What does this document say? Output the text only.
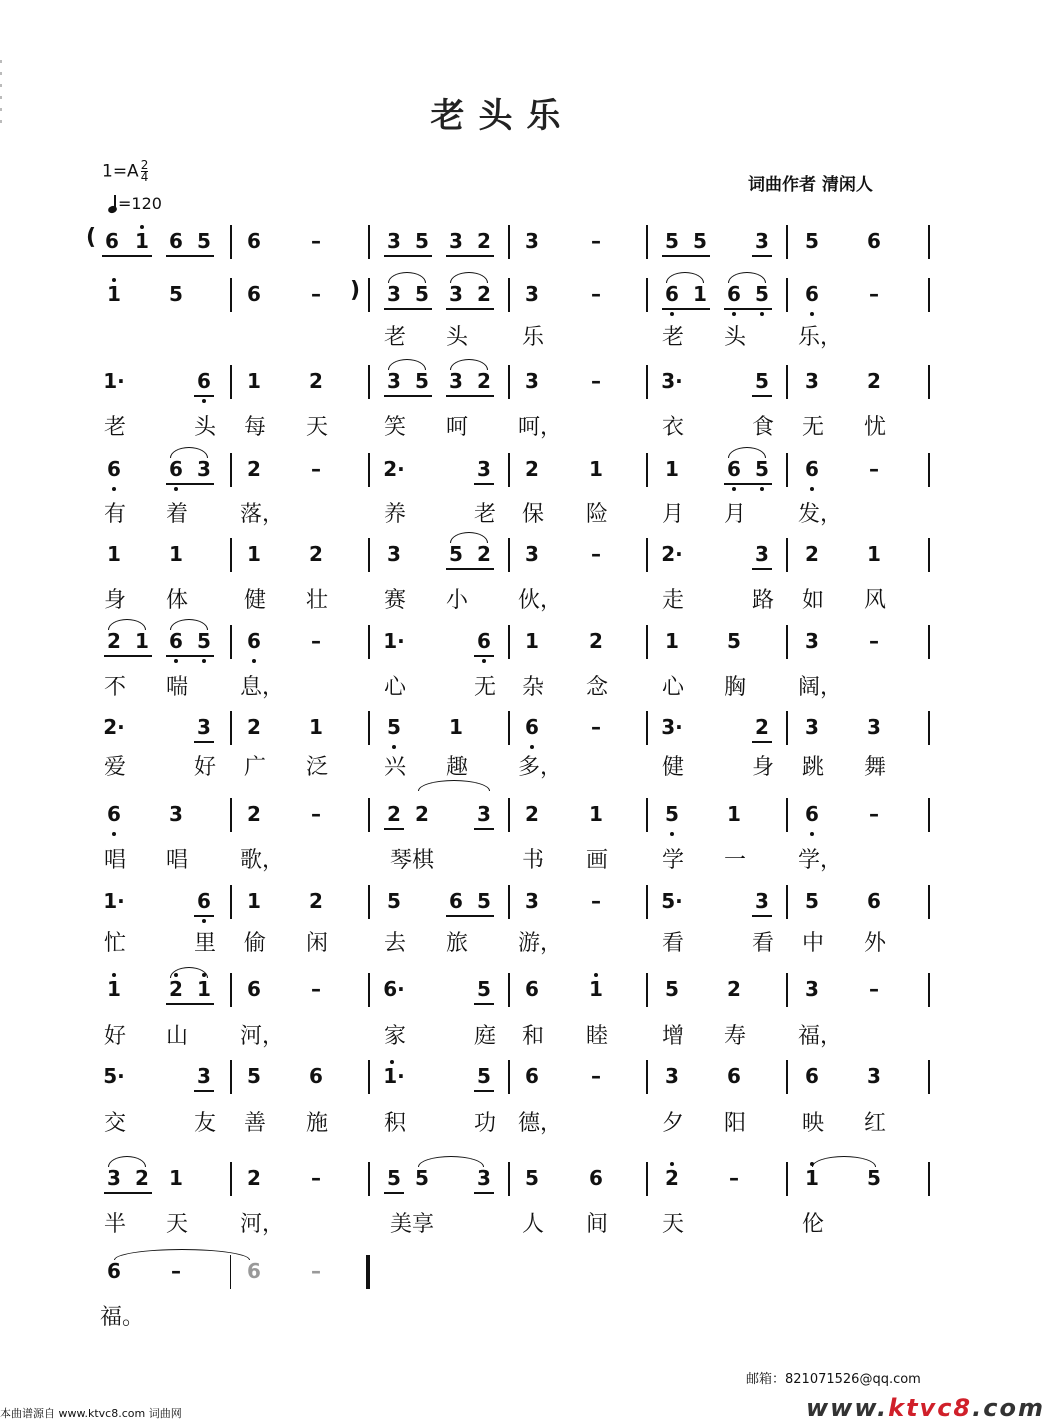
老头乐
$1=A \frac{2}{4}$
=120
词曲作者 清闲人
( 6 1 6 5 6	–	3 5 3 2 3	–	5 5 3 5 6
1 5	6	–	) 3 5 3 2 3	–	6 1 6 5 6	–
老 头 乐	老 头 乐，
1·	6 1 2	3 5 3 2 3	–	3·	5 3 2
老	头 每 天	笑 呵 呵，	衣	食 无 忧
6 6 3 2	–	2·	3 2	1	1 6 5 6	–
有 着 落，	养	老 保 险 月 月 发，
1 1	1 2	3 5 2 3	–	2·	3 2 1
身 体	健 壮	赛 小 伙，	走	路 如 风
2 1 6 5 6	–	1·	6 1	2	1 5	3	–
不 喘 息，	心	无 杂 念 心 胸 阔，
2·	3 2 1	5 1	6	–	3·	2 3 3
爱	好 广 泛	兴 趣 多，	健	身 跳 舞
6 3	2	–	2 2 3 2	1	5 1	6	–
唱 唱 歌，	琴棋	书 画 学 一 学，
1·	6 1 2	5 6 5 3	–	5·	3 5 6
忙	里 偷 闲	去 旅 游，	看	看 中 外
1 2 1 6	–	6·	5 6	1	5 2	3	–
好 山 河，	家	庭 和 睦 增 寿 福，
5·	3 5 6	1·	5 6	–	3 6	6 3
交	友 善 施	积	功 德，	夕 阳	映 红
3 2 1	2	–	5 5 3 5	6	2	–	1 5
半 天 河，	美享	人 间 天	伦
6	–	6	–
福。
邮箱：821071526@qq.com
本曲谱源自 www.ktvc8.com 词曲网	www.ktvc8.com
